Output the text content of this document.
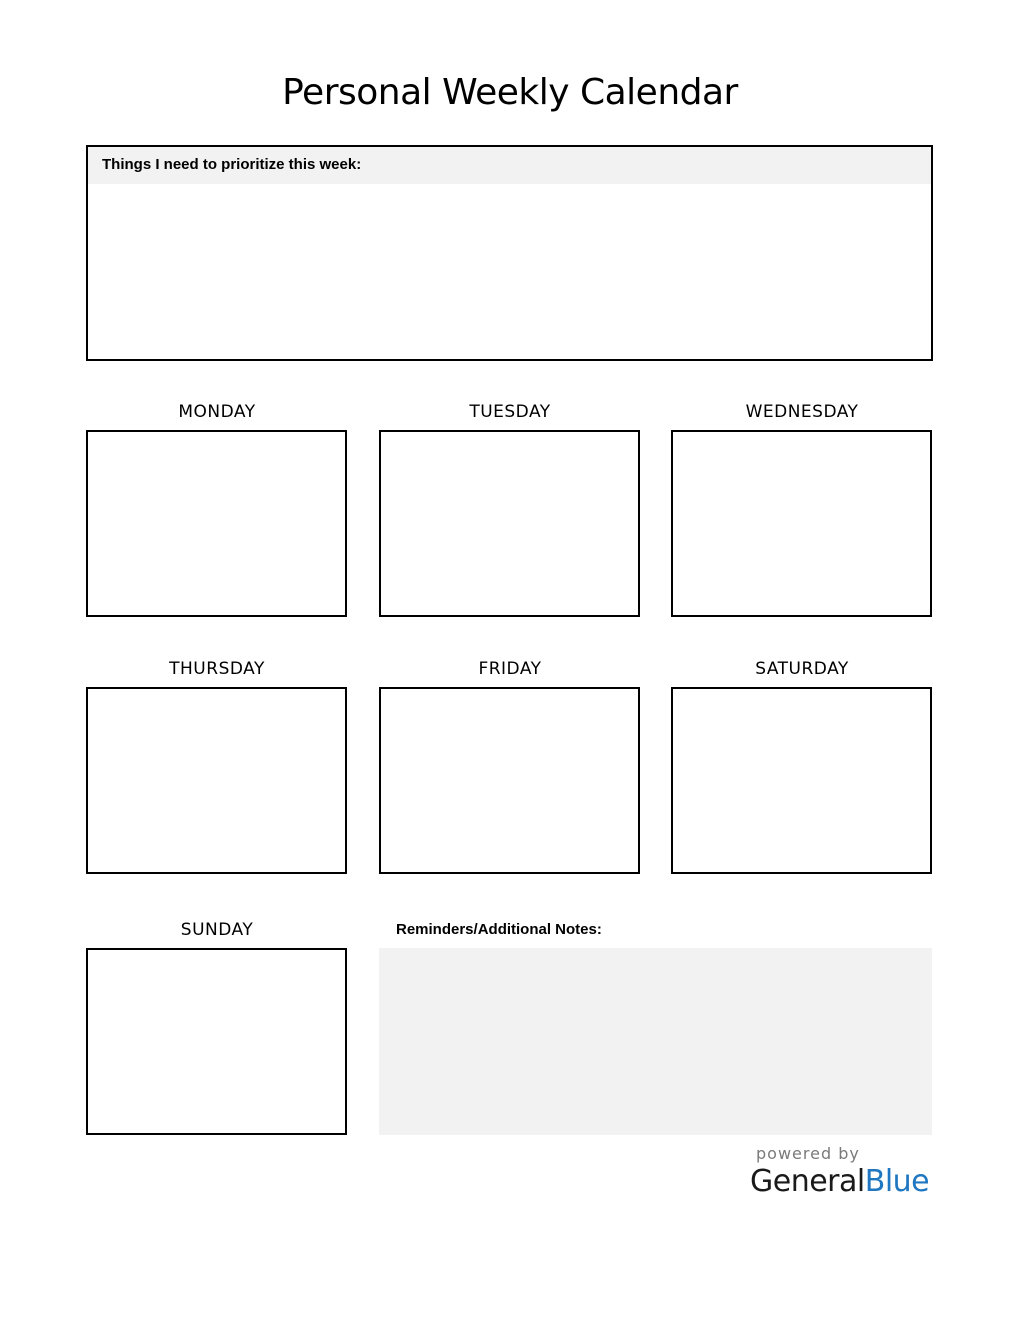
Personal Weekly Calendar
Things I need to prioritize this week:
MONDAY	TUESDAY	WEDNESDAY
THURSDAY	FRIDAY	SATURDAY
SUNDAY	Reminders/Additional Notes:
powered by
GeneralBlue
